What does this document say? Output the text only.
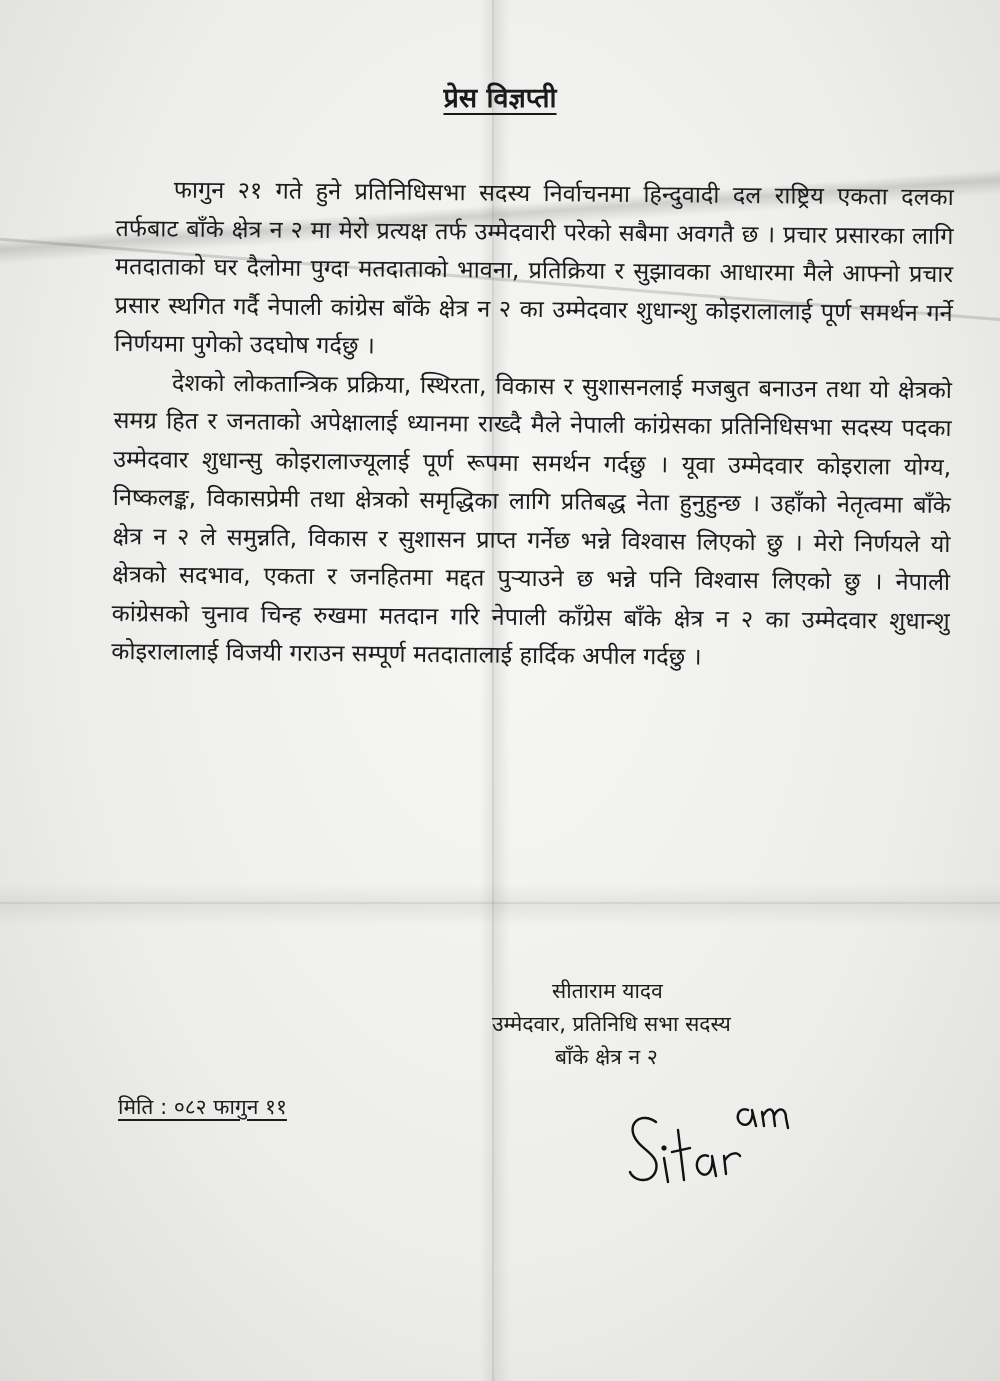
प्रेस विज्ञप्ती

फागुन २१ गते हुने प्रतिनिधिसभा सदस्य निर्वाचनमा हिन्दुवादी दल राष्ट्रिय एकता दलका तर्फबाट बाँके क्षेत्र न २ मा मेरो प्रत्यक्ष तर्फ उम्मेदवारी परेको सबैमा अवगतै छ । प्रचार प्रसारका लागि मतदाताको घर दैलोमा पुग्दा मतदाताको भावना, प्रतिक्रिया र सुझावका आधारमा मैले आफ्नो प्रचार प्रसार स्थगित गर्दै नेपाली कांग्रेस बाँके क्षेत्र न २ का उम्मेदवार शुधान्शु कोइरालालाई पूर्ण समर्थन गर्ने निर्णयमा पुगेको उदघोष गर्दछु ।

देशको लोकतान्त्रिक प्रक्रिया, स्थिरता, विकास र सुशासनलाई मजबुत बनाउन तथा यो क्षेत्रको समग्र हित र जनताको अपेक्षालाई ध्यानमा राख्दै मैले नेपाली कांग्रेसका प्रतिनिधिसभा सदस्य पदका उम्मेदवार शुधान्सु कोइरालाज्यूलाई पूर्ण रूपमा समर्थन गर्दछु । यूवा उम्मेदवार कोइराला योग्य, निष्कलङ्क, विकासप्रेमी तथा क्षेत्रको समृद्धिका लागि प्रतिबद्ध नेता हुनुहुन्छ । उहाँको नेतृत्वमा बाँके क्षेत्र न २ ले समुन्नति, विकास र सुशासन प्राप्त गर्नेछ भन्ने विश्वास लिएको छु । मेरो निर्णयले यो क्षेत्रको सदभाव, एकता र जनहितमा मद्दत पुर्‍याउने छ भन्ने पनि विश्वास लिएको छु । नेपाली कांग्रेसको चुनाव चिन्ह रुखमा मतदान गरि नेपाली काँग्रेस बाँके क्षेत्र न २ का उम्मेदवार शुधान्शु कोइरालालाई विजयी गराउन सम्पूर्ण मतदातालाई हार्दिक अपील गर्दछु ।

सीताराम यादव
उम्मेदवार, प्रतिनिधि सभा सदस्य
बाँके क्षेत्र न २
मिति : ०८२ फागुन ११
